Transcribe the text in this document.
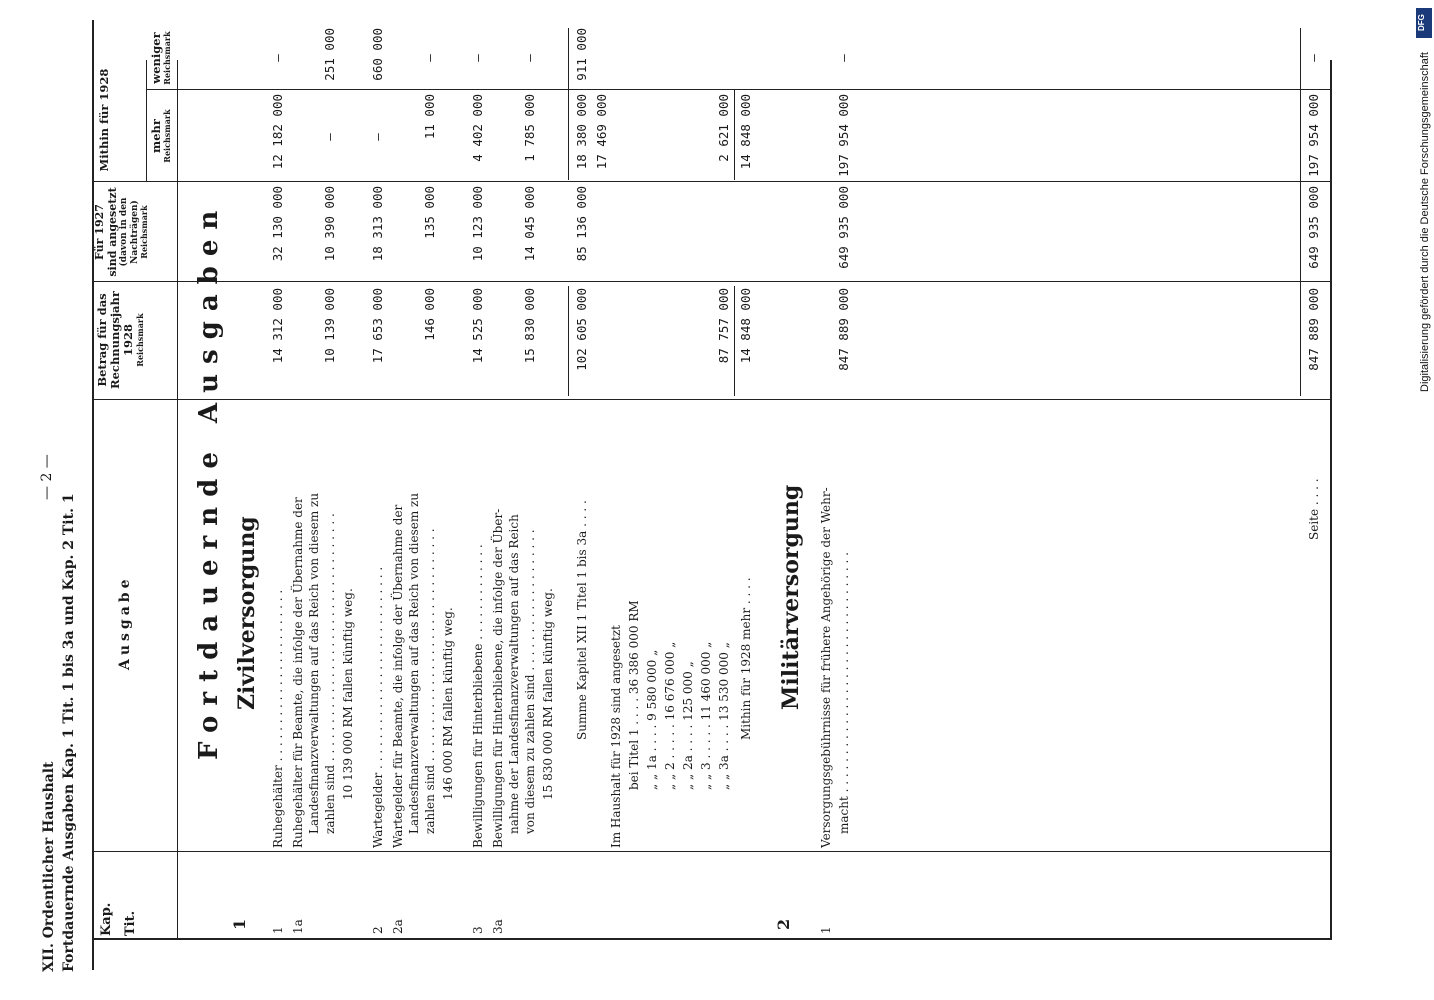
XII. Ordentlicher Haushalt Fortdauernde Ausgaben Kap. 1 Tit. 1 bis 3a und Kap. 2 Tit. 1
— 2 —
Kap. Tit.
Ausgabe
Betrag für das Rechnungsjahr 1928 Reichsmark
Für 1927 sind angesetzt (davon in den Nachträgen) Reichsmark
Mithin für 1928	mehr Reichsmark
weniger Reichsmark
Fortdauernde Ausgaben
1
Zivilversorgung
1
Ruhegehälter . . . . . . . . . . . . . . . . . . . . . . .
14 312 000
32 130 000
12 182 000
—
1a
Ruhegehälter für Beamte, die infolge der Übernahme der Landesfinanzverwaltungen auf das Reich von diesem zu zahlen sind . . . . . . . . . . . . . . . . . . . . . . . . . . . . . . . . . 10 139 000 RM fallen künftig weg.
10 139 000
10 390 000
—
251 000
2
Wartegelder . . . . . . . . . . . . . . . . . . . . . . . . . . .
17 653 000
18 313 000
—
660 000
2a
Wartegelder für Beamte, die infolge der Übernahme der Landesfinanzverwaltungen auf das Reich von diesem zu zahlen sind . . . . . . . . . . . . . . . . . . . . . . . . . . . . . . . 146 000 RM fallen künftig weg.
146 000
135 000
11 000
—
3
Bewilligungen für Hinterbliebene . . . . . . . . . . . . .
14 525 000
10 123 000
4 402 000
—
3a
Bewilligungen für Hinterbliebene, die infolge der Über- nahme der Landesfinanzverwaltungen auf das Reich von diesem zu zahlen sind . . . . . . . . . . . . . . . . . . . 15 830 000 RM fallen künftig weg.
15 830 000
14 045 000
1 785 000
—
Summe Kapitel XII 1 Titel 1 bis 3a . . . .
102 605 000
85 136 000
18 380 000
911 000
17 469 000
Im Haushalt für 1928 sind angesetzt bei Titel 1 . . . . 36 386 000 RM „ „ 1a . . . . 9 580 000 „ „ „ 2 . . . . . 16 676 000 „ „ „ 2a . . . . 125 000 „ „ „ 3 . . . . . 11 460 000 „ „ „ 3a . . . . 13 530 000 „
87 757 000
2 621 000
Mithin für 1928 mehr . . . .
14 848 000
14 848 000
2
Militärversorgung
1
Versorgungsgebührnisse für frühere Angehörige der Wehr- macht . . . . . . . . . . . . . . . . . . . . . . . . . . . . . . . .
847 889 000
649 935 000
197 954 000
—
Seite . . . .
847 889 000
649 935 000
197 954 000
—	Digitalisierung gefördert durch die Deutsche Forschungsgemeinschaft
DFG
